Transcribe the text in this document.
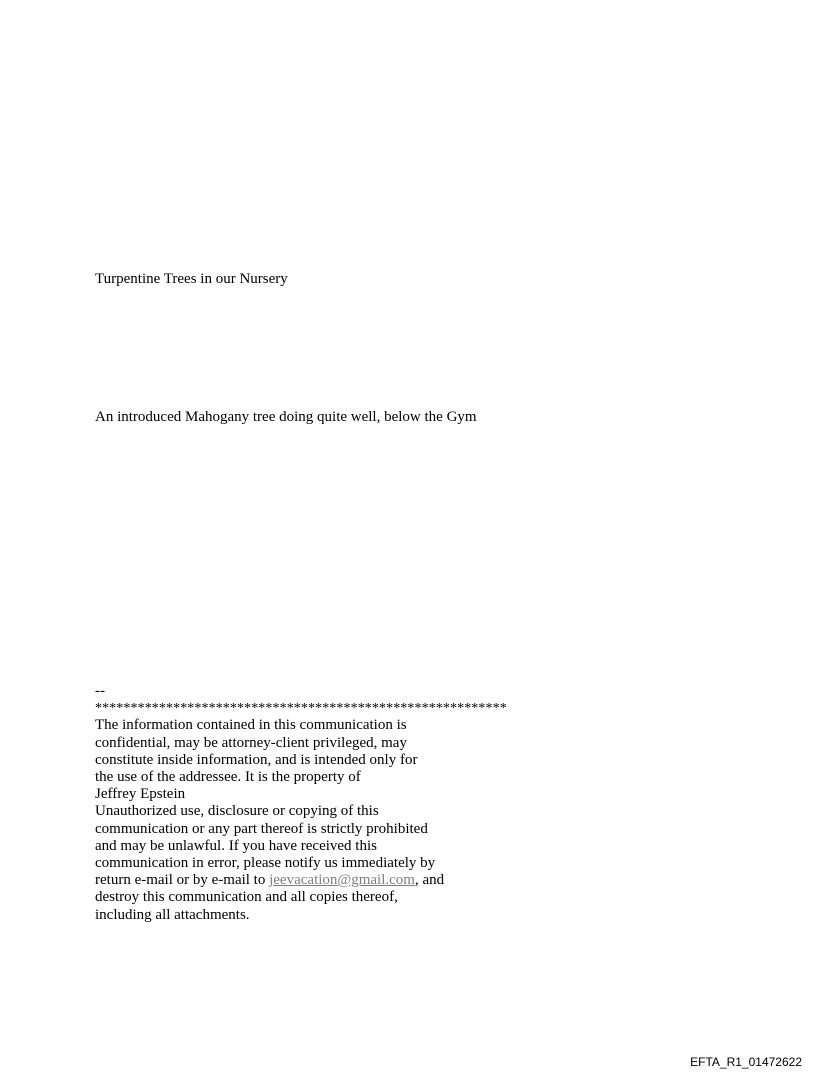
Turpentine Trees in our Nursery
An introduced Mahogany tree doing quite well, below the Gym
--
**********************************************************
The information contained in this communication is
confidential, may be attorney-client privileged, may
constitute inside information, and is intended only for
the use of the addressee. It is the property of
Jeffrey Epstein
Unauthorized use, disclosure or copying of this
communication or any part thereof is strictly prohibited
and may be unlawful. If you have received this
communication in error, please notify us immediately by
return e-mail or by e-mail to jeevacation@gmail.com, and
destroy this communication and all copies thereof,
including all attachments.
EFTA_R1_01472622
